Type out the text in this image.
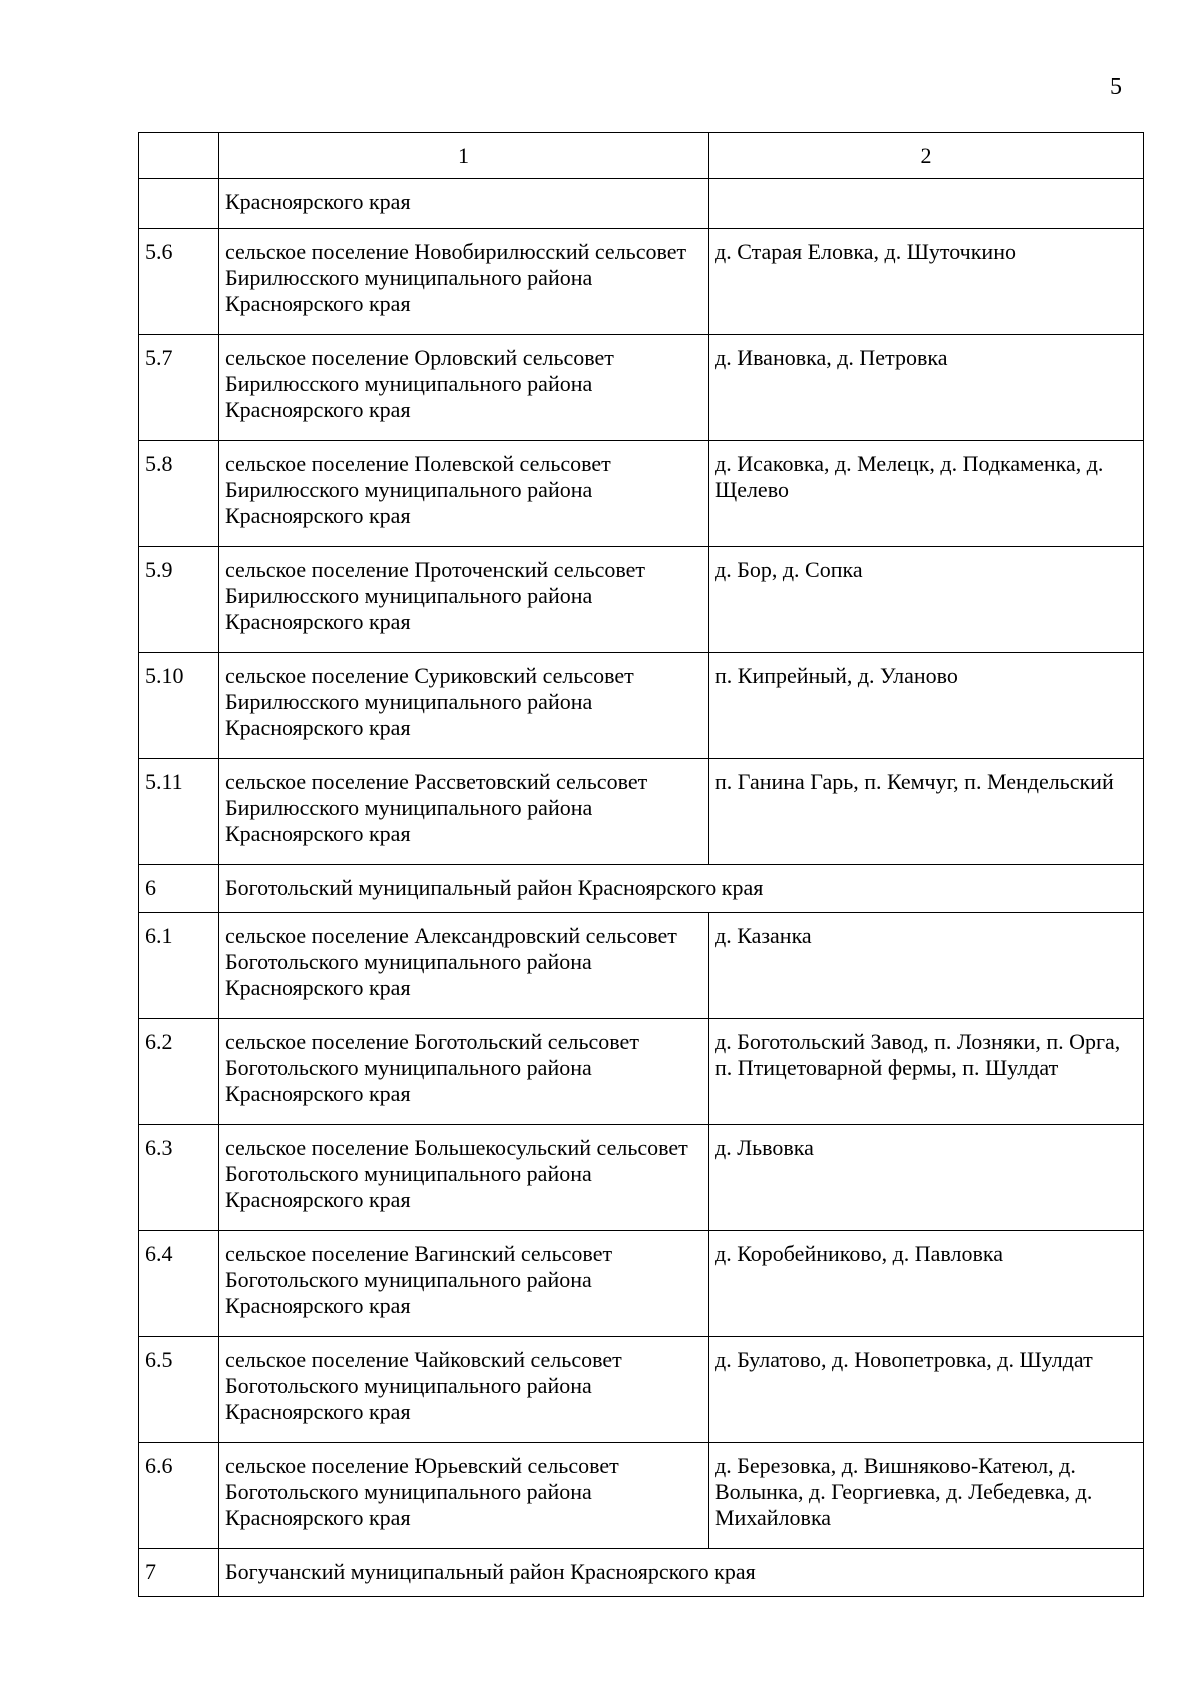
5
	1	2
	Красноярского края	
5.6	сельское поселение Новобирилюсский сельсовет Бирилюсского муниципального района Красноярского края	д. Старая Еловка, д. Шуточкино
5.7	сельское поселение Орловский сельсовет Бирилюсского муниципального района Красноярского края	д. Ивановка, д. Петровка
5.8	сельское поселение Полевской сельсовет Бирилюсского муниципального района Красноярского края	д. Исаковка, д. Мелецк, д. Подкаменка, д. Щелево
5.9	сельское поселение Проточенский сельсовет Бирилюсского муниципального района Красноярского края	д. Бор, д. Сопка
5.10	сельское поселение Суриковский сельсовет Бирилюсского муниципального района Красноярского края	п. Кипрейный, д. Уланово
5.11	сельское поселение Рассветовский сельсовет Бирилюсского муниципального района Красноярского края	п. Ганина Гарь, п. Кемчуг, п. Мендельский
6	Боготольский муниципальный район Красноярского края	
6.1	сельское поселение Александровский сельсовет Боготольского муниципального района Красноярского края	д. Казанка
6.2	сельское поселение Боготольский сельсовет Боготольского муниципального района Красноярского края	д. Боготольский Завод, п. Лозняки, п. Орга, п. Птицетоварной фермы, п. Шулдат
6.3	сельское поселение Большекосульский сельсовет Боготольского муниципального района Красноярского края	д. Львовка
6.4	сельское поселение Вагинский сельсовет Боготольского муниципального района Красноярского края	д. Коробейниково, д. Павловка
6.5	сельское поселение Чайковский сельсовет Боготольского муниципального района Красноярского края	д. Булатово, д. Новопетровка, д. Шулдат
6.6	сельское поселение Юрьевский сельсовет Боготольского муниципального района Красноярского края	д. Березовка, д. Вишняково-Катеюл, д. Волынка, д. Георгиевка, д. Лебедевка, д. Михайловка
7	Богучанский муниципальный район Красноярского края	
